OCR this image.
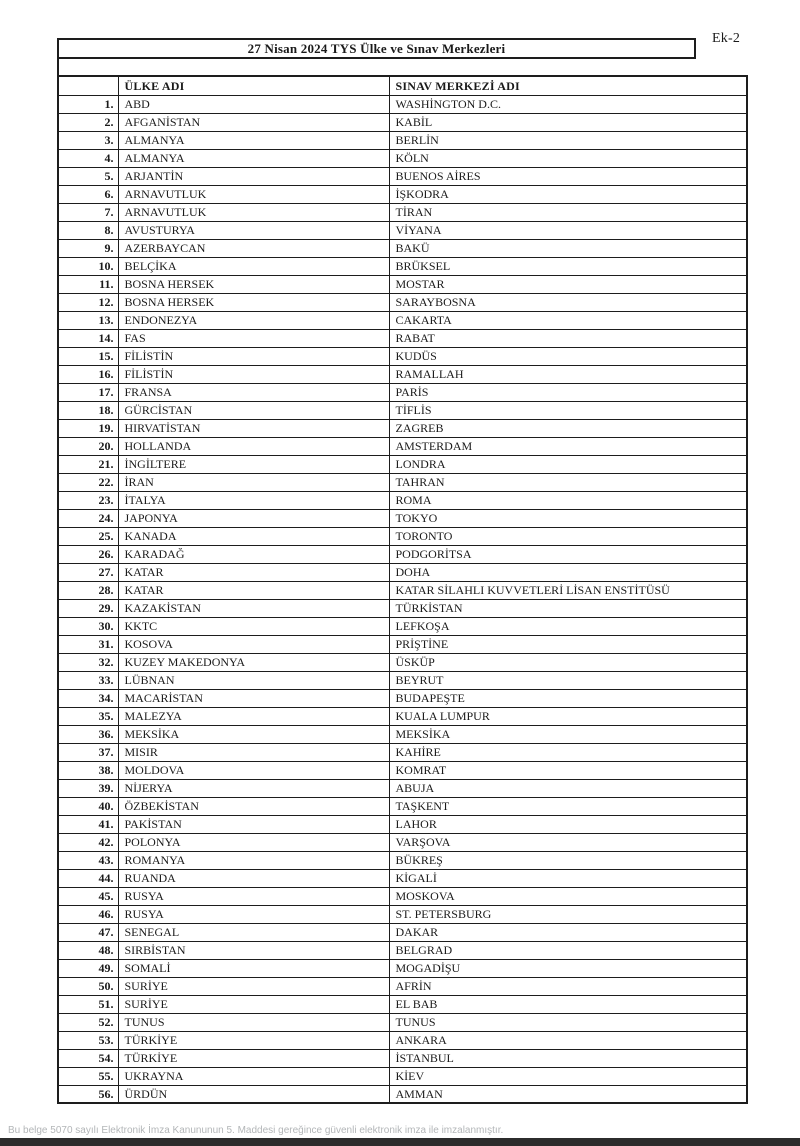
Ek-2
27 Nisan 2024 TYS Ülke ve Sınav Merkezleri
	ÜLKE ADI	SINAV MERKEZİ ADI
1.	ABD	WASHİNGTON D.C.
2.	AFGANİSTAN	KABİL
3.	ALMANYA	BERLİN
4.	ALMANYA	KÖLN
5.	ARJANTİN	BUENOS AİRES
6.	ARNAVUTLUK	İŞKODRA
7.	ARNAVUTLUK	TİRAN
8.	AVUSTURYA	VİYANA
9.	AZERBAYCAN	BAKÜ
10.	BELÇİKA	BRÜKSEL
11.	BOSNA HERSEK	MOSTAR
12.	BOSNA HERSEK	SARAYBOSNA
13.	ENDONEZYA	CAKARTA
14.	FAS	RABAT
15.	FİLİSTİN	KUDÜS
16.	FİLİSTİN	RAMALLAH
17.	FRANSA	PARİS
18.	GÜRCİSTAN	TİFLİS
19.	HIRVATİSTAN	ZAGREB
20.	HOLLANDA	AMSTERDAM
21.	İNGİLTERE	LONDRA
22.	İRAN	TAHRAN
23.	İTALYA	ROMA
24.	JAPONYA	TOKYO
25.	KANADA	TORONTO
26.	KARADAĞ	PODGORİTSA
27.	KATAR	DOHA
28.	KATAR	KATAR SİLAHLI KUVVETLERİ LİSAN ENSTİTÜSÜ
29.	KAZAKİSTAN	TÜRKİSTAN
30.	KKTC	LEFKOŞA
31.	KOSOVA	PRİŞTİNE
32.	KUZEY MAKEDONYA	ÜSKÜP
33.	LÜBNAN	BEYRUT
34.	MACARİSTAN	BUDAPEŞTE
35.	MALEZYA	KUALA LUMPUR
36.	MEKSİKA	MEKSİKA
37.	MISIR	KAHİRE
38.	MOLDOVA	KOMRAT
39.	NİJERYA	ABUJA
40.	ÖZBEKİSTAN	TAŞKENT
41.	PAKİSTAN	LAHOR
42.	POLONYA	VARŞOVA
43.	ROMANYA	BÜKREŞ
44.	RUANDA	KİGALİ
45.	RUSYA	MOSKOVA
46.	RUSYA	ST. PETERSBURG
47.	SENEGAL	DAKAR
48.	SIRBİSTAN	BELGRAD
49.	SOMALİ	MOGADİŞU
50.	SURİYE	AFRİN
51.	SURİYE	EL BAB
52.	TUNUS	TUNUS
53.	TÜRKİYE	ANKARA
54.	TÜRKİYE	İSTANBUL
55.	UKRAYNA	KİEV
56.	ÜRDÜN	AMMAN
Bu belge 5070 sayılı Elektronik İmza Kanununun 5. Maddesi gereğince güvenli elektronik imza ile imzalanmıştır.
